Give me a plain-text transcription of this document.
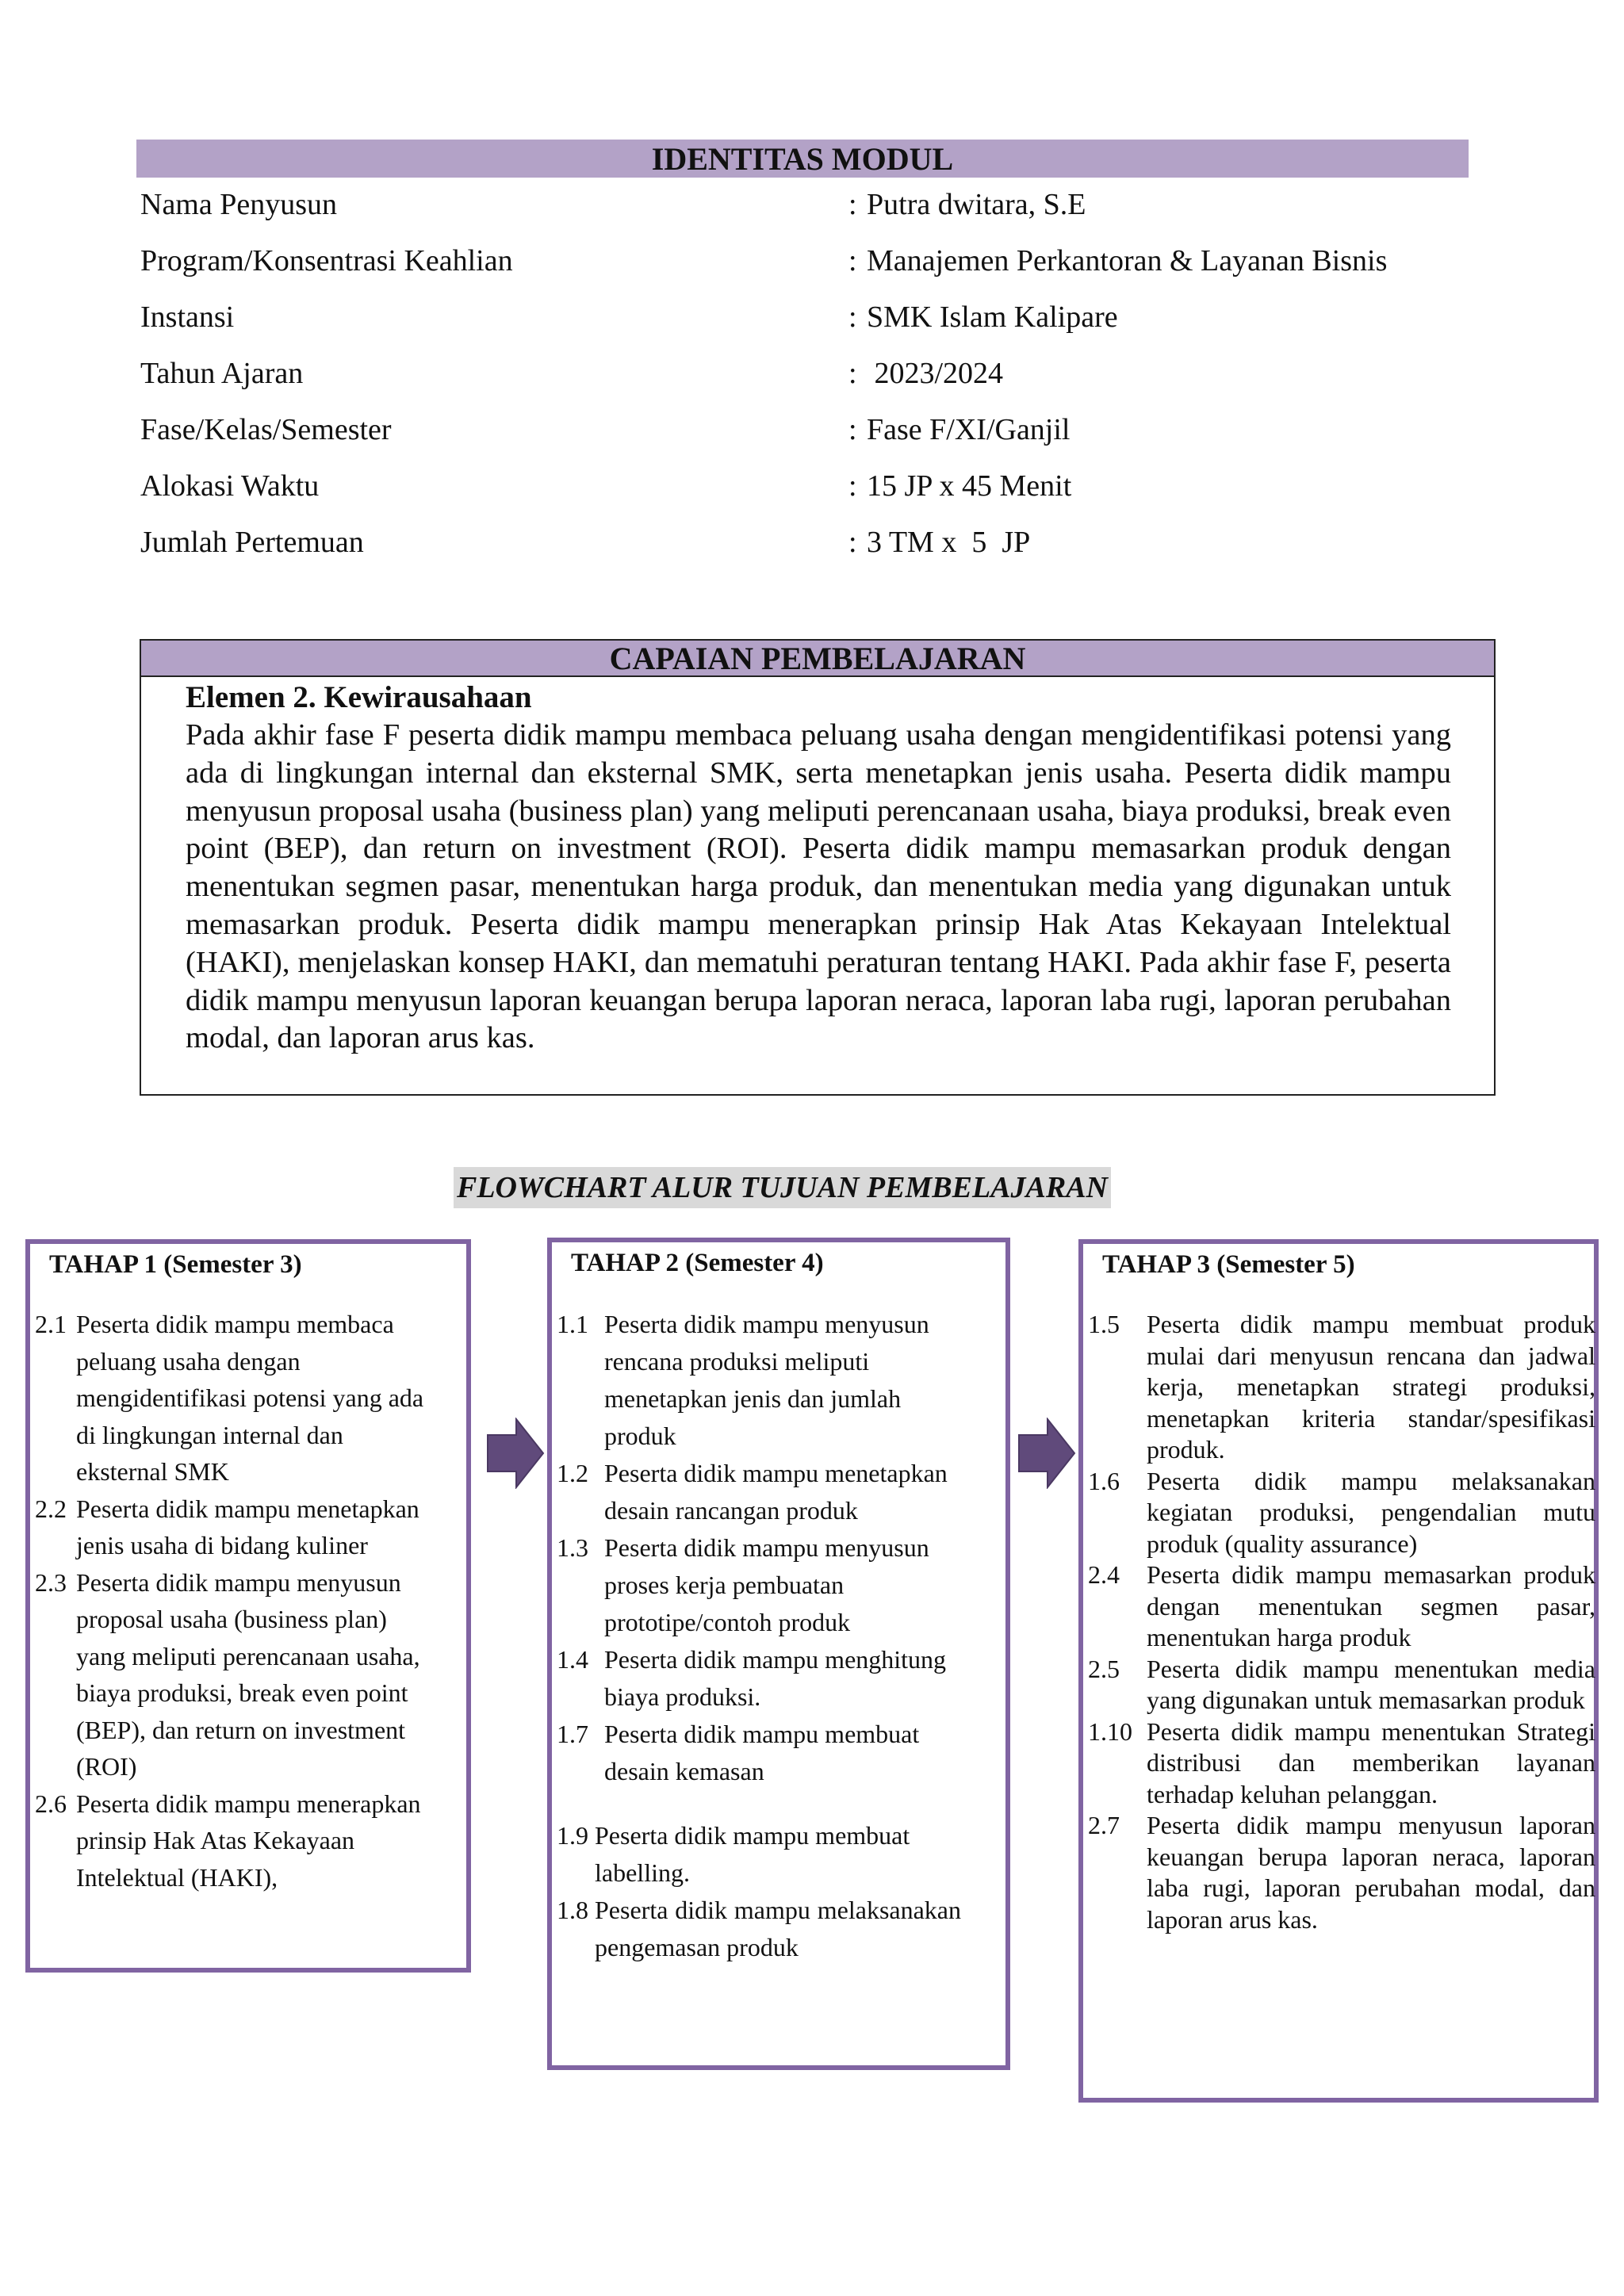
IDENTITAS MODUL
Nama Penyusun	: Putra dwitara, S.E
Program/Konsentrasi Keahlian	: Manajemen Perkantoran & Layanan Bisnis
Instansi	: SMK Islam Kalipare
Tahun Ajaran	: 2023/2024
Fase/Kelas/Semester	: Fase F/XI/Ganjil
Alokasi Waktu	: 15 JP x 45 Menit
Jumlah Pertemuan	: 3 TM x  5  JP
CAPAIAN PEMBELAJARAN
Elemen 2. Kewirausahaan
Pada akhir fase F peserta didik mampu membaca peluang usaha dengan mengidentifikasi potensi yang ada di lingkungan internal dan eksternal SMK, serta menetapkan jenis usaha. Peserta didik mampu menyusun proposal usaha (business plan) yang meliputi perencanaan usaha, biaya produksi, break even point (BEP), dan return on investment (ROI). Peserta didik mampu memasarkan produk dengan menentukan segmen pasar, menentukan harga produk, dan menentukan media yang digunakan untuk memasarkan produk. Peserta didik mampu menerapkan prinsip Hak Atas Kekayaan Intelektual (HAKI), menjelaskan konsep HAKI, dan mematuhi peraturan tentang HAKI. Pada akhir fase F, peserta didik mampu menyusun laporan keuangan berupa laporan neraca, laporan laba rugi, laporan perubahan modal, dan laporan arus kas.
FLOWCHART ALUR TUJUAN PEMBELAJARAN
TAHAP 1 (Semester 3)
2.1 Peserta didik mampu membaca peluang usaha dengan mengidentifikasi potensi yang ada di lingkungan internal dan eksternal SMK
2.2 Peserta didik mampu menetapkan jenis usaha di bidang kuliner
2.3 Peserta didik mampu menyusun proposal usaha (business plan) yang meliputi perencanaan usaha, biaya produksi, break even point (BEP), dan return on investment (ROI)
2.6 Peserta didik mampu menerapkan prinsip Hak Atas Kekayaan Intelektual (HAKI),
TAHAP 2 (Semester 4)
1.1 Peserta didik mampu menyusun rencana produksi meliputi menetapkan jenis dan jumlah produk
1.2 Peserta didik mampu menetapkan desain rancangan produk
1.3 Peserta didik mampu menyusun proses kerja pembuatan prototipe/contoh produk
1.4 Peserta didik mampu menghitung biaya produksi.
1.7 Peserta didik mampu membuat desain kemasan
1.9 Peserta didik mampu membuat labelling.
1.8 Peserta didik mampu melaksanakan pengemasan produk
TAHAP 3 (Semester 5)
1.5 Peserta didik mampu membuat produk mulai dari menyusun rencana dan jadwal kerja, menetapkan strategi produksi, menetapkan kriteria standar/spesifikasi produk.
1.6 Peserta didik mampu melaksanakan kegiatan produksi, pengendalian mutu produk (quality assurance)
2.4 Peserta didik mampu memasarkan produk dengan menentukan segmen pasar, menentukan harga produk
2.5 Peserta didik mampu menentukan media yang digunakan untuk memasarkan produk
1.10 Peserta didik mampu menentukan Strategi distribusi dan memberikan layanan terhadap keluhan pelanggan.
2.7 Peserta didik mampu menyusun laporan keuangan berupa laporan neraca, laporan laba rugi, laporan perubahan modal, dan laporan arus kas.
